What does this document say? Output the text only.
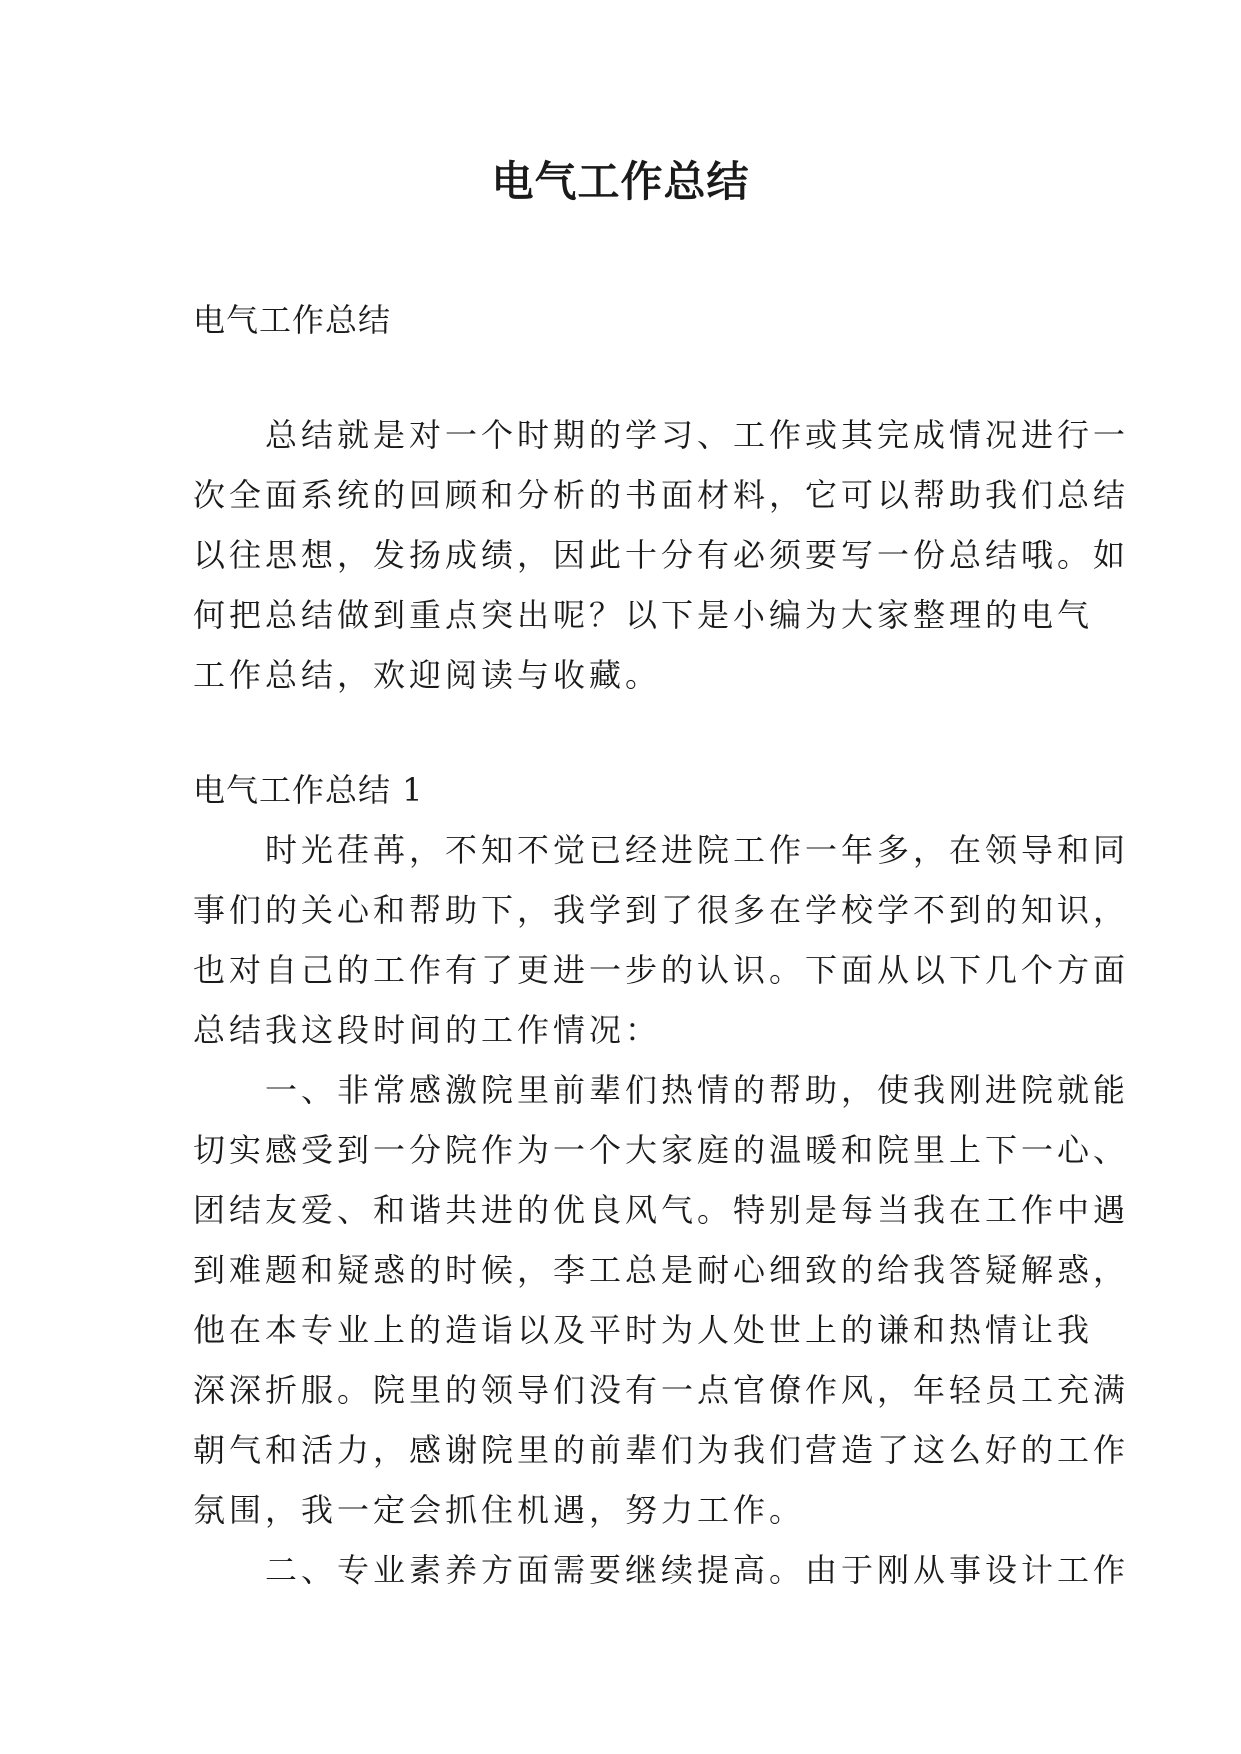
电气工作总结
电气工作总结
　　总结就是对一个时期的学习、工作或其完成情况进行一
次全面系统的回顾和分析的书面材料，它可以帮助我们总结
以往思想，发扬成绩，因此十分有必须要写一份总结哦。如
何把总结做到重点突出呢？以下是小编为大家整理的电气
工作总结，欢迎阅读与收藏。
电气工作总结 1
　　时光荏苒，不知不觉已经进院工作一年多，在领导和同
事们的关心和帮助下，我学到了很多在学校学不到的知识，
也对自己的工作有了更进一步的认识。下面从以下几个方面
总结我这段时间的工作情况：
　　一、非常感激院里前辈们热情的帮助，使我刚进院就能
切实感受到一分院作为一个大家庭的温暖和院里上下一心、
团结友爱、和谐共进的优良风气。特别是每当我在工作中遇
到难题和疑惑的时候，李工总是耐心细致的给我答疑解惑，
他在本专业上的造诣以及平时为人处世上的谦和热情让我
深深折服。院里的领导们没有一点官僚作风，年轻员工充满
朝气和活力，感谢院里的前辈们为我们营造了这么好的工作
氛围，我一定会抓住机遇，努力工作。
　　二、专业素养方面需要继续提高。由于刚从事设计工作
